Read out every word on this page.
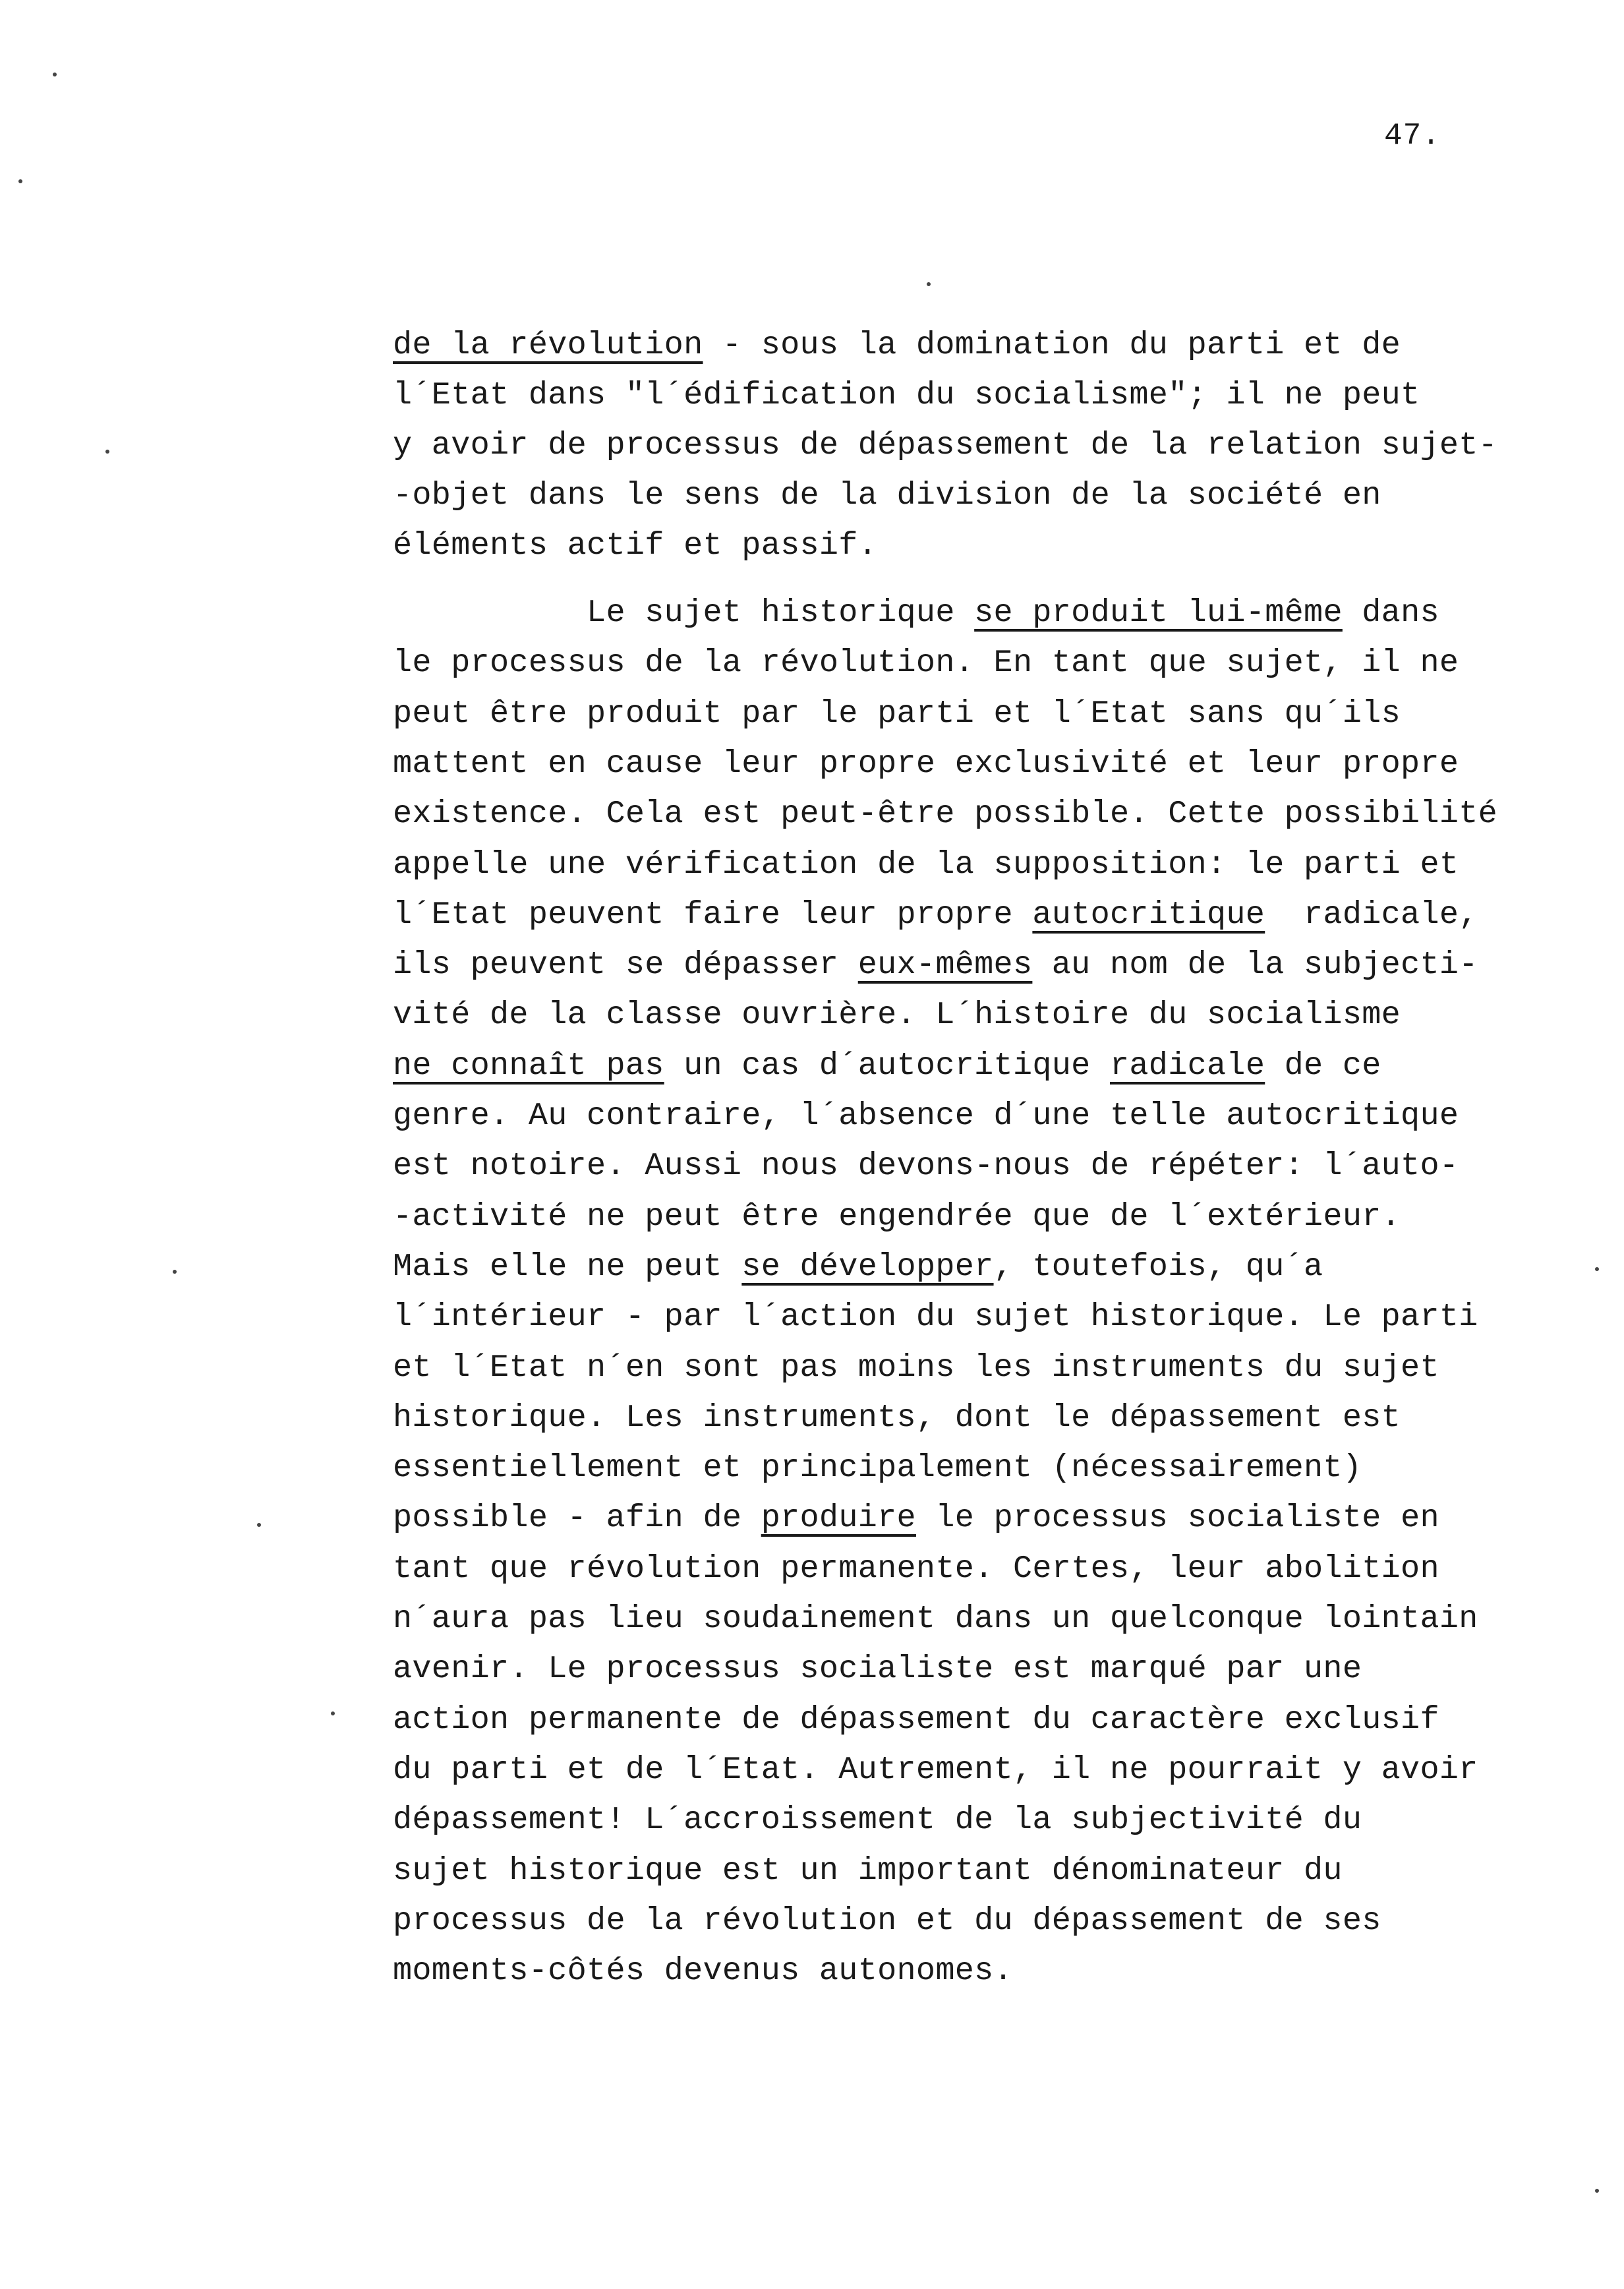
47.
de la révolution - sous la domination du parti et de
l´Etat dans "l´édification du socialisme"; il ne peut
y avoir de processus de dépassement de la relation sujet-
-objet dans le sens de la division de la société en
éléments actif et passif.
Le sujet historique se produit lui-même dans
le processus de la révolution. En tant que sujet, il ne
peut être produit par le parti et l´Etat sans qu´ils
mattent en cause leur propre exclusivité et leur propre
existence. Cela est peut-être possible. Cette possibilité
appelle une vérification de la supposition: le parti et
l´Etat peuvent faire leur propre autocritique  radicale,
ils peuvent se dépasser eux-mêmes au nom de la subjecti-
vité de la classe ouvrière. L´histoire du socialisme
ne connaît pas un cas d´autocritique radicale de ce
genre. Au contraire, l´absence d´une telle autocritique
est notoire. Aussi nous devons-nous de répéter: l´auto-
-activité ne peut être engendrée que de l´extérieur.
Mais elle ne peut se développer, toutefois, qu´a
l´intérieur - par l´action du sujet historique. Le parti
et l´Etat n´en sont pas moins les instruments du sujet
historique. Les instruments, dont le dépassement est
essentiellement et principalement (nécessairement)
possible - afin de produire le processus socialiste en
tant que révolution permanente. Certes, leur abolition
n´aura pas lieu soudainement dans un quelconque lointain
avenir. Le processus socialiste est marqué par une
action permanente de dépassement du caractère exclusif
du parti et de l´Etat. Autrement, il ne pourrait y avoir
dépassement! L´accroissement de la subjectivité du
sujet historique est un important dénominateur du
processus de la révolution et du dépassement de ses
moments-côtés devenus autonomes.
